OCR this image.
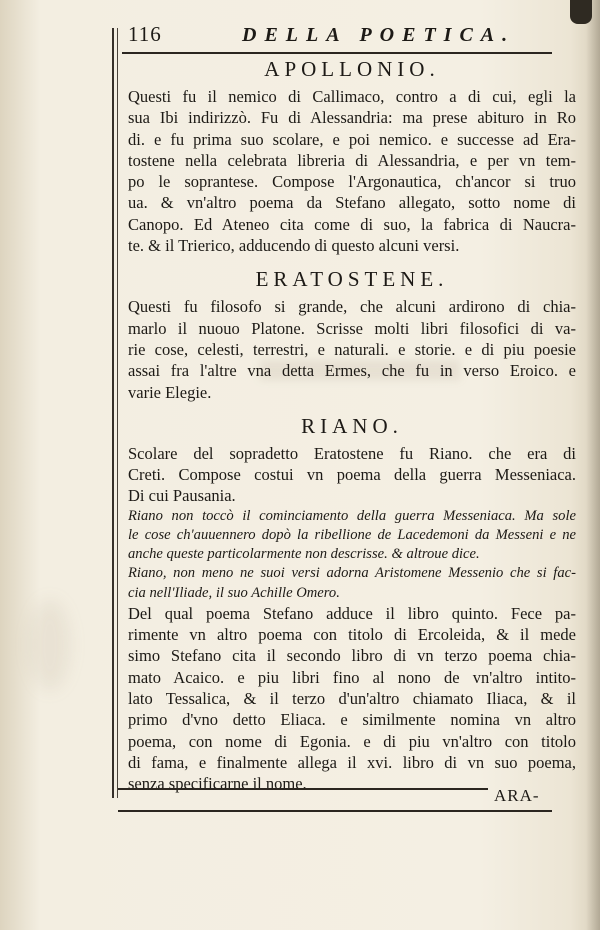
116	DELLA POETICA.
APOLLONIO.
Questi fu il nemico di Callimaco, contro a di cui, egli la
sua Ibi indirizzò. Fu di Alessandria: ma prese abituro in Ro
di. e fu prima suo scolare, e poi nemico. e successe ad Era-
tostene nella celebrata libreria di Alessandria, e per vn tem-
po le soprantese. Compose l'Argonautica, ch'ancor si truo
ua. & vn'altro poema da Stefano allegato, sotto nome di
Canopo. Ed Ateneo cita come di suo, la fabrica di Naucra-
te. & il Trierico, adducendo di questo alcuni versi.
ERATOSTENE.
Questi fu filosofo si grande, che alcuni ardirono di chia-
marlo il nuouo Platone. Scrisse molti libri filosofici di va-
rie cose, celesti, terrestri, e naturali. e storie. e di piu poesie
assai fra l'altre vna detta Ermes, che fu in verso Eroico. e
varie Elegie.
RIANO.
Scolare del sopradetto Eratostene fu Riano. che era di
Creti. Compose costui vn poema della guerra Messeniaca.
Di cui Pausania.
Riano non toccò il cominciamento della guerra Messeniaca. Ma sole
le cose ch'auuennero dopò la ribellione de Lacedemoni da Messeni e ne
anche queste particolarmente non descrisse. & altroue dice.
Riano, non meno ne suoi versi adorna Aristomene Messenio che si fac-
cia nell'Iliade, il suo Achille Omero.
Del qual poema Stefano adduce il libro quinto. Fece pa-
rimente vn altro poema con titolo di Ercoleida, & il mede
simo Stefano cita il secondo libro di vn terzo poema chia-
mato Acaico. e piu libri fino al nono de vn'altro intito-
lato Tessalica, & il terzo d'un'altro chiamato Iliaca, & il
primo d'vno detto Eliaca. e similmente nomina vn altro
poema, con nome di Egonia. e di piu vn'altro con titolo
di fama, e finalmente allega il xvi. libro di vn suo poema,
senza specificarne il nome.
ARA-
